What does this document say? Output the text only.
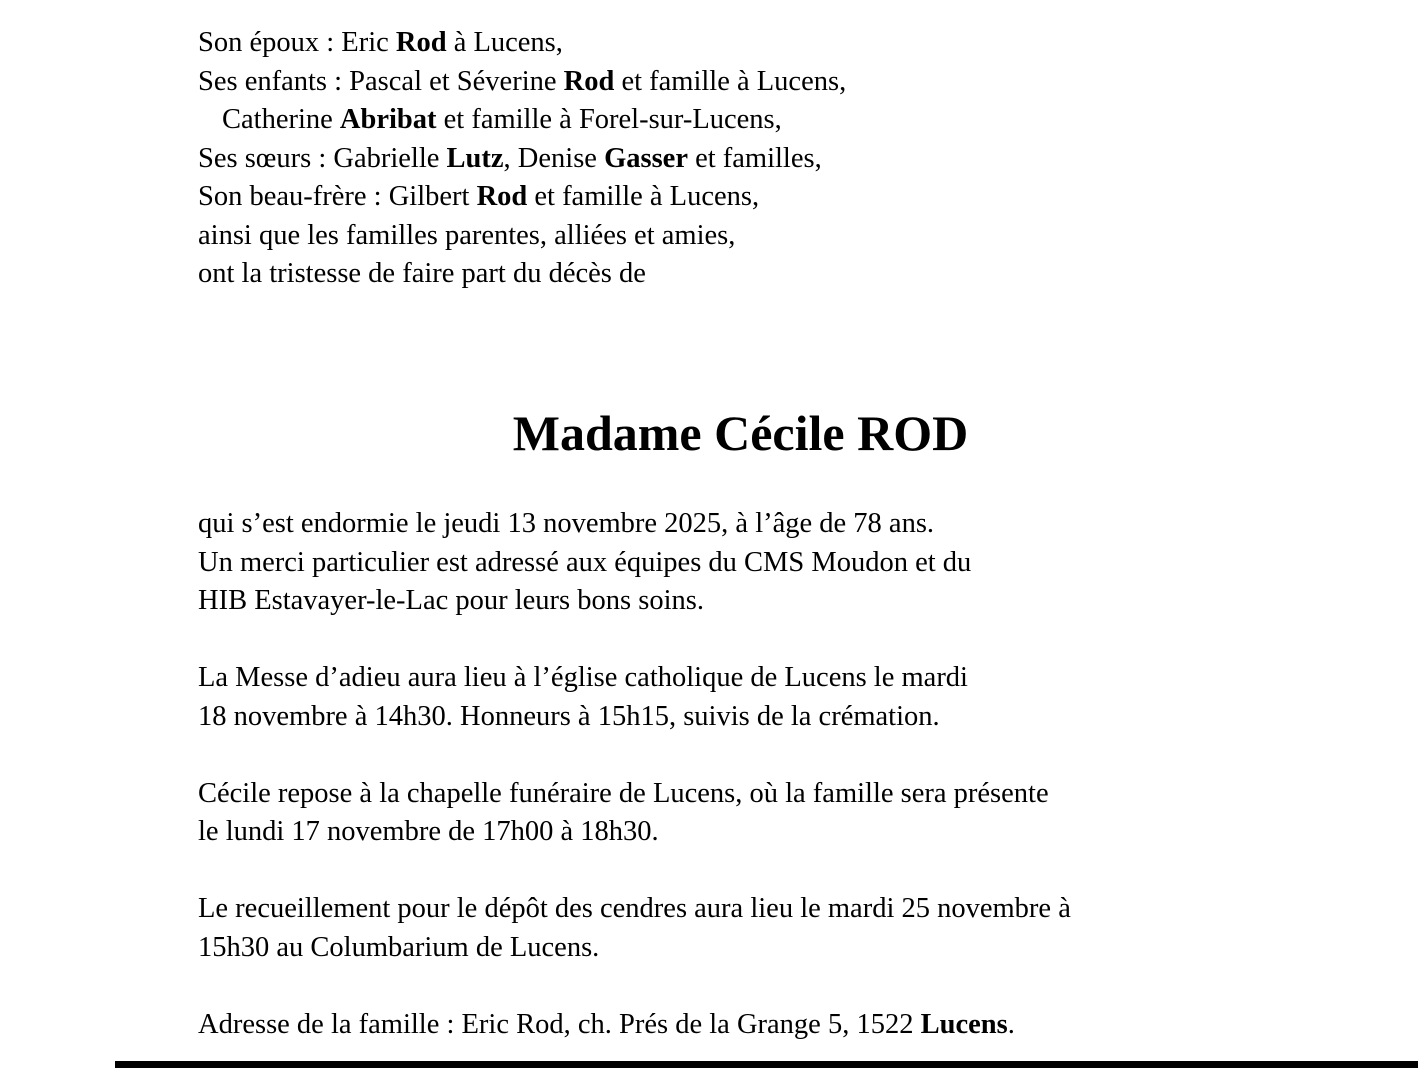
Son époux : Eric Rod à Lucens,
Ses enfants : Pascal et Séverine Rod et famille à Lucens,
Catherine Abribat et famille à Forel-sur-Lucens,
Ses sœurs : Gabrielle Lutz, Denise Gasser et familles,
Son beau-frère : Gilbert Rod et famille à Lucens,
ainsi que les familles parentes, alliées et amies,
ont la tristesse de faire part du décès de
Madame Cécile ROD
qui s’est endormie le jeudi 13 novembre 2025, à l’âge de 78 ans.
Un merci particulier est adressé aux équipes du CMS Moudon et du
HIB Estavayer-le-Lac pour leurs bons soins.
La Messe d’adieu aura lieu à l’église catholique de Lucens le mardi
18 novembre à 14h30. Honneurs à 15h15, suivis de la crémation.
Cécile repose à la chapelle funéraire de Lucens, où la famille sera présente
le lundi 17 novembre de 17h00 à 18h30.
Le recueillement pour le dépôt des cendres aura lieu le mardi 25 novembre à
15h30 au Columbarium de Lucens.
Adresse de la famille : Eric Rod, ch. Prés de la Grange 5, 1522 Lucens.
